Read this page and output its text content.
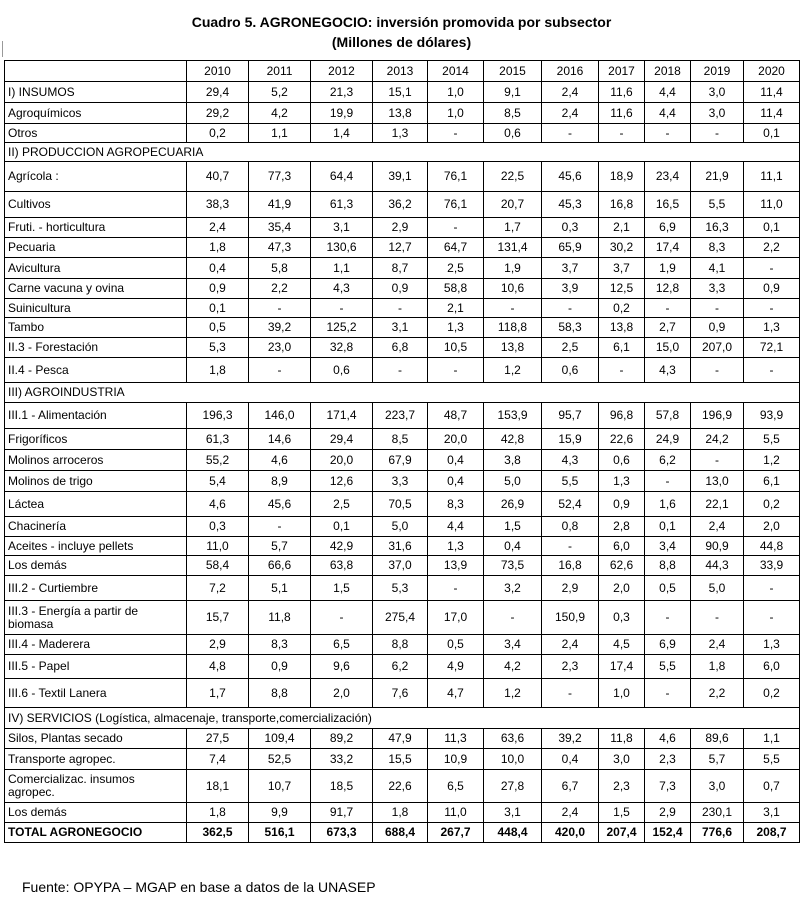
Cuadro 5. AGRONEGOCIO: inversión promovida por subsector
(Millones de dólares)
	2010	2011	2012	2013	2014	2015	2016	2017	2018	2019	2020
I) INSUMOS	29,4	5,2	21,3	15,1	1,0	9,1	2,4	11,6	4,4	3,0	11,4
Agroquímicos	29,2	4,2	19,9	13,8	1,0	8,5	2,4	11,6	4,4	3,0	11,4
Otros	0,2	1,1	1,4	1,3	-	0,6	-	-	-	-	0,1
II) PRODUCCION AGROPECUARIA											
Agrícola :	40,7	77,3	64,4	39,1	76,1	22,5	45,6	18,9	23,4	21,9	11,1
Cultivos	38,3	41,9	61,3	36,2	76,1	20,7	45,3	16,8	16,5	5,5	11,0
Fruti. - horticultura	2,4	35,4	3,1	2,9	-	1,7	0,3	2,1	6,9	16,3	0,1
Pecuaria	1,8	47,3	130,6	12,7	64,7	131,4	65,9	30,2	17,4	8,3	2,2
Avicultura	0,4	5,8	1,1	8,7	2,5	1,9	3,7	3,7	1,9	4,1	-
Carne vacuna y ovina	0,9	2,2	4,3	0,9	58,8	10,6	3,9	12,5	12,8	3,3	0,9
Suinicultura	0,1	-	-	-	2,1	-	-	0,2	-	-	-
Tambo	0,5	39,2	125,2	3,1	1,3	118,8	58,3	13,8	2,7	0,9	1,3
II.3 - Forestación	5,3	23,0	32,8	6,8	10,5	13,8	2,5	6,1	15,0	207,0	72,1
II.4 - Pesca	1,8	-	0,6	-	-	1,2	0,6	-	4,3	-	-
III) AGROINDUSTRIA											
III.1 - Alimentación	196,3	146,0	171,4	223,7	48,7	153,9	95,7	96,8	57,8	196,9	93,9
Frigoríficos	61,3	14,6	29,4	8,5	20,0	42,8	15,9	22,6	24,9	24,2	5,5
Molinos arroceros	55,2	4,6	20,0	67,9	0,4	3,8	4,3	0,6	6,2	-	1,2
Molinos de trigo	5,4	8,9	12,6	3,3	0,4	5,0	5,5	1,3	-	13,0	6,1
Láctea	4,6	45,6	2,5	70,5	8,3	26,9	52,4	0,9	1,6	22,1	0,2
Chacinería	0,3	-	0,1	5,0	4,4	1,5	0,8	2,8	0,1	2,4	2,0
Aceites - incluye pellets	11,0	5,7	42,9	31,6	1,3	0,4	-	6,0	3,4	90,9	44,8
Los demás	58,4	66,6	63,8	37,0	13,9	73,5	16,8	62,6	8,8	44,3	33,9
III.2 - Curtiembre	7,2	5,1	1,5	5,3	-	3,2	2,9	2,0	0,5	5,0	-
III.3 - Energía a partir de biomasa	15,7	11,8	-	275,4	17,0	-	150,9	0,3	-	-	-
III.4 - Maderera	2,9	8,3	6,5	8,8	0,5	3,4	2,4	4,5	6,9	2,4	1,3
III.5 - Papel	4,8	0,9	9,6	6,2	4,9	4,2	2,3	17,4	5,5	1,8	6,0
III.6 - Textil Lanera	1,7	8,8	2,0	7,6	4,7	1,2	-	1,0	-	2,2	0,2
IV) SERVICIOS (Logística, almacenaje, transporte,comercialización)											
Silos, Plantas secado	27,5	109,4	89,2	47,9	11,3	63,6	39,2	11,8	4,6	89,6	1,1
Transporte agropec.	7,4	52,5	33,2	15,5	10,9	10,0	0,4	3,0	2,3	5,7	5,5
Comercializac. insumos agropec.	18,1	10,7	18,5	22,6	6,5	27,8	6,7	2,3	7,3	3,0	0,7
Los demás	1,8	9,9	91,7	1,8	11,0	3,1	2,4	1,5	2,9	230,1	3,1
TOTAL AGRONEGOCIO	362,5	516,1	673,3	688,4	267,7	448,4	420,0	207,4	152,4	776,6	208,7
Fuente: OPYPA – MGAP en base a datos de la UNASEP
